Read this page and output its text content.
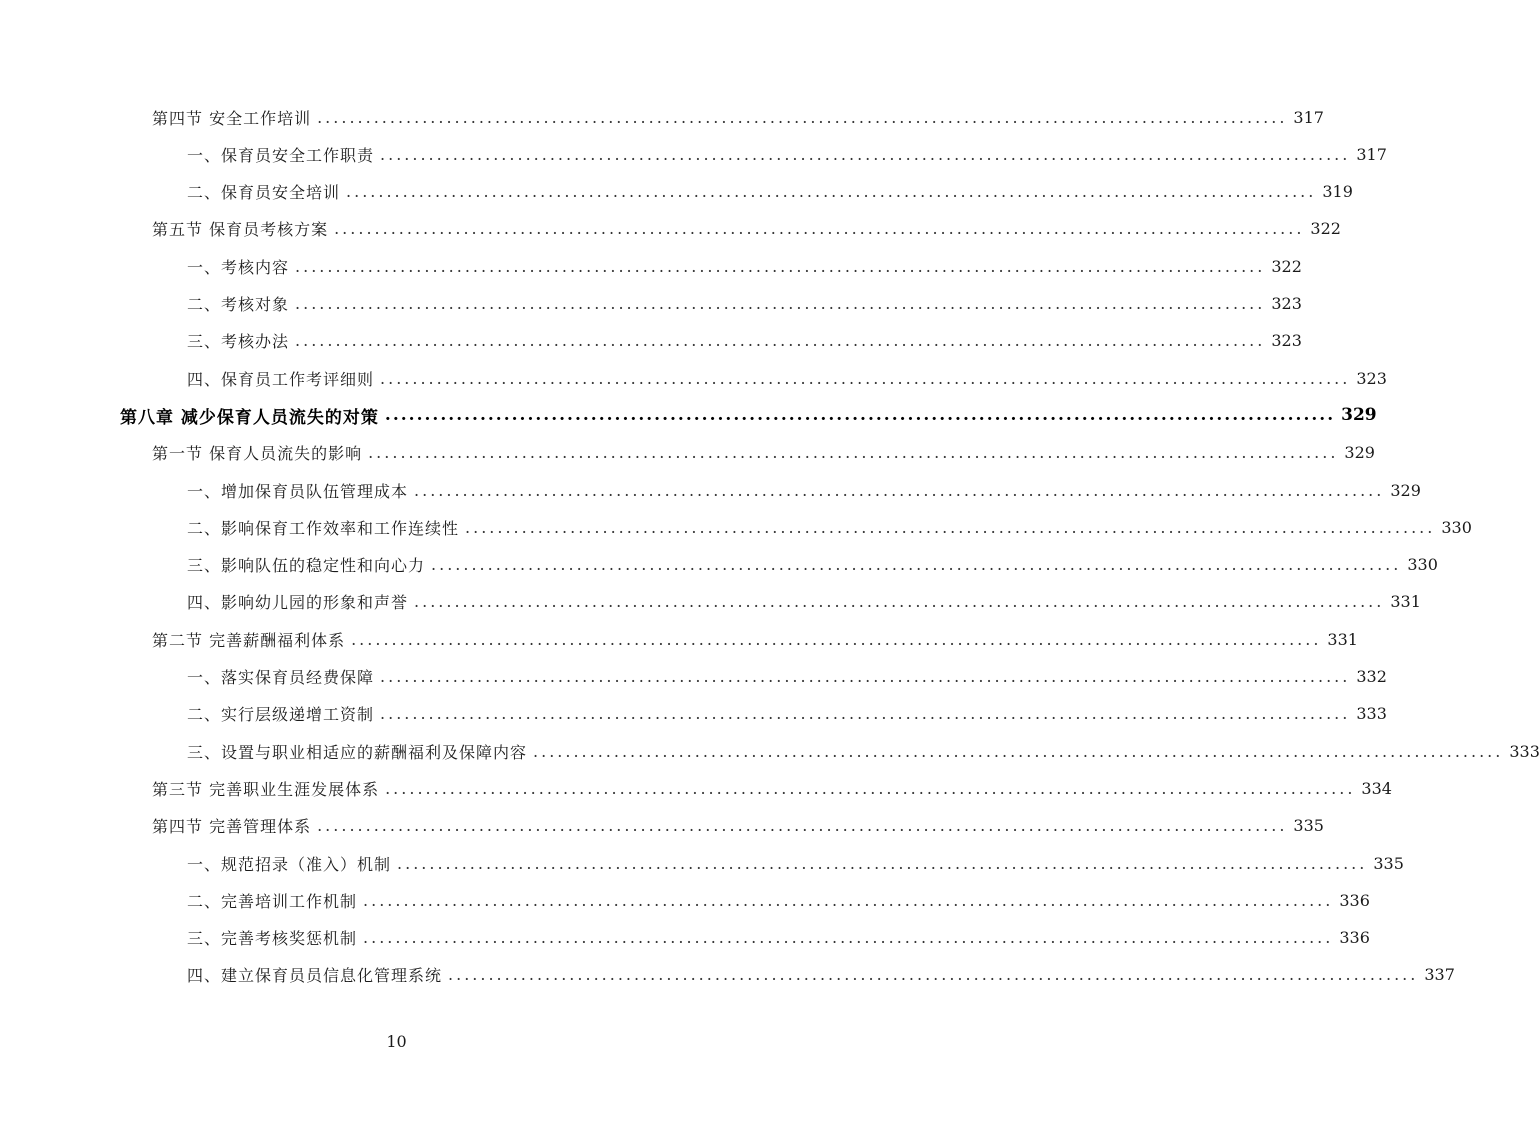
第四节 安全工作培训 ........................................................................................................................ 317
一、保育员安全工作职责 ........................................................................................................................ 317
二、保育员安全培训 ........................................................................................................................ 319
第五节 保育员考核方案 ........................................................................................................................ 322
一、考核内容 ........................................................................................................................ 322
二、考核对象 ........................................................................................................................ 323
三、考核办法 ........................................................................................................................ 323
四、保育员工作考评细则 ........................................................................................................................ 323
第八章 减少保育人员流失的对策 ........................................................................................................................ 329
第一节 保育人员流失的影响 ........................................................................................................................ 329
一、增加保育员队伍管理成本 ........................................................................................................................ 329
二、影响保育工作效率和工作连续性 ........................................................................................................................ 330
三、影响队伍的稳定性和向心力 ........................................................................................................................ 330
四、影响幼儿园的形象和声誉 ........................................................................................................................ 331
第二节 完善薪酬福利体系 ........................................................................................................................ 331
一、落实保育员经费保障 ........................................................................................................................ 332
二、实行层级递增工资制 ........................................................................................................................ 333
三、设置与职业相适应的薪酬福利及保障内容 ........................................................................................................................ 333
第三节 完善职业生涯发展体系 ........................................................................................................................ 334
第四节 完善管理体系 ........................................................................................................................ 335
一、规范招录（准入）机制 ........................................................................................................................ 335
二、完善培训工作机制 ........................................................................................................................ 336
三、完善考核奖惩机制 ........................................................................................................................ 336
四、建立保育员员信息化管理系统 ........................................................................................................................ 337
10
